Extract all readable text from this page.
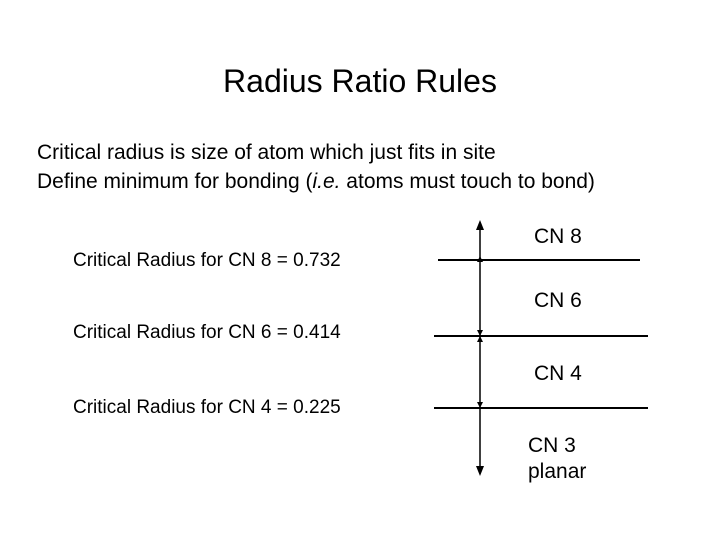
Radius Ratio Rules
Critical radius is size of atom which just fits in site
Define minimum for bonding (i.e. atoms must touch to bond)
Critical Radius for CN 8 = 0.732
Critical Radius for CN 6 = 0.414
Critical Radius for CN 4 = 0.225
CN 8
CN 6
CN 4
CN 3
planar
